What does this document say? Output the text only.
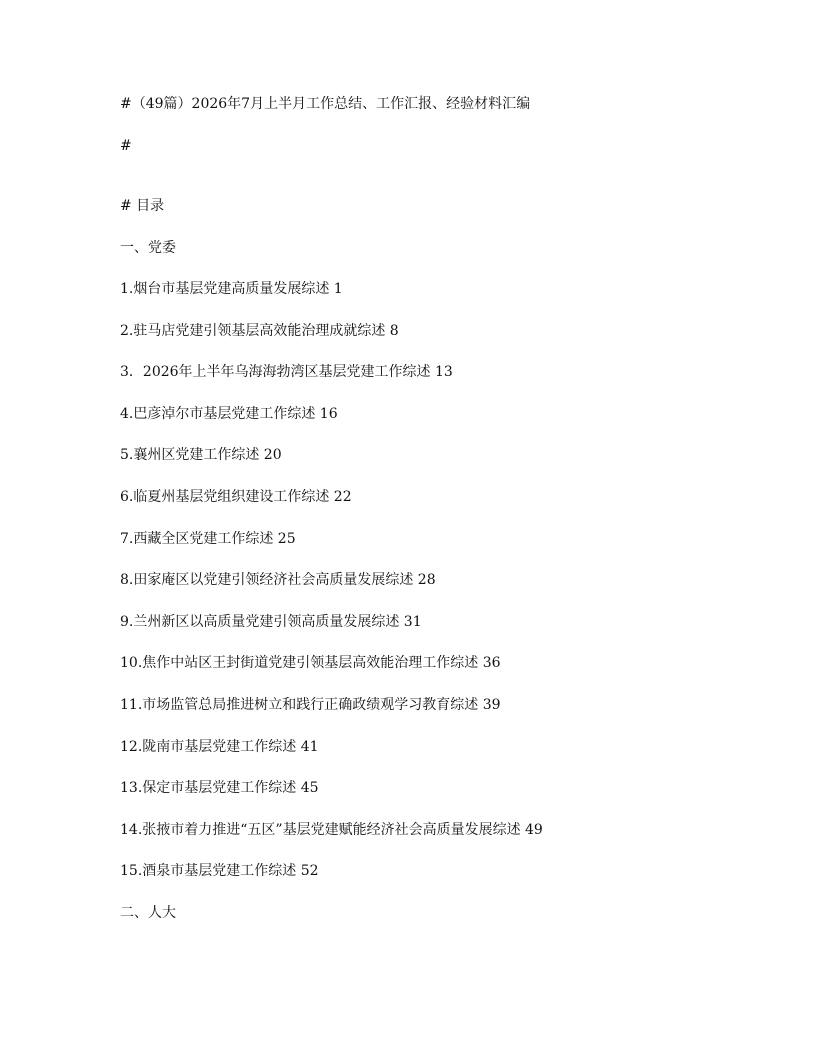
#（49篇）2026年7月上半月工作总结、工作汇报、经验材料汇编
#
# 目录
一、党委
1.烟台市基层党建高质量发展综述 1
2.驻马店党建引领基层高效能治理成就综述 8
3．2026年上半年乌海海勃湾区基层党建工作综述 13
4.巴彦淖尔市基层党建工作综述 16
5.襄州区党建工作综述 20
6.临夏州基层党组织建设工作综述 22
7.西藏全区党建工作综述 25
8.田家庵区以党建引领经济社会高质量发展综述 28
9.兰州新区以高质量党建引领高质量发展综述 31
10.焦作中站区王封街道党建引领基层高效能治理工作综述 36
11.市场监管总局推进树立和践行正确政绩观学习教育综述 39
12.陇南市基层党建工作综述 41
13.保定市基层党建工作综述 45
14.张掖市着力推进“五区”基层党建赋能经济社会高质量发展综述 49
15.酒泉市基层党建工作综述 52
二、人大
